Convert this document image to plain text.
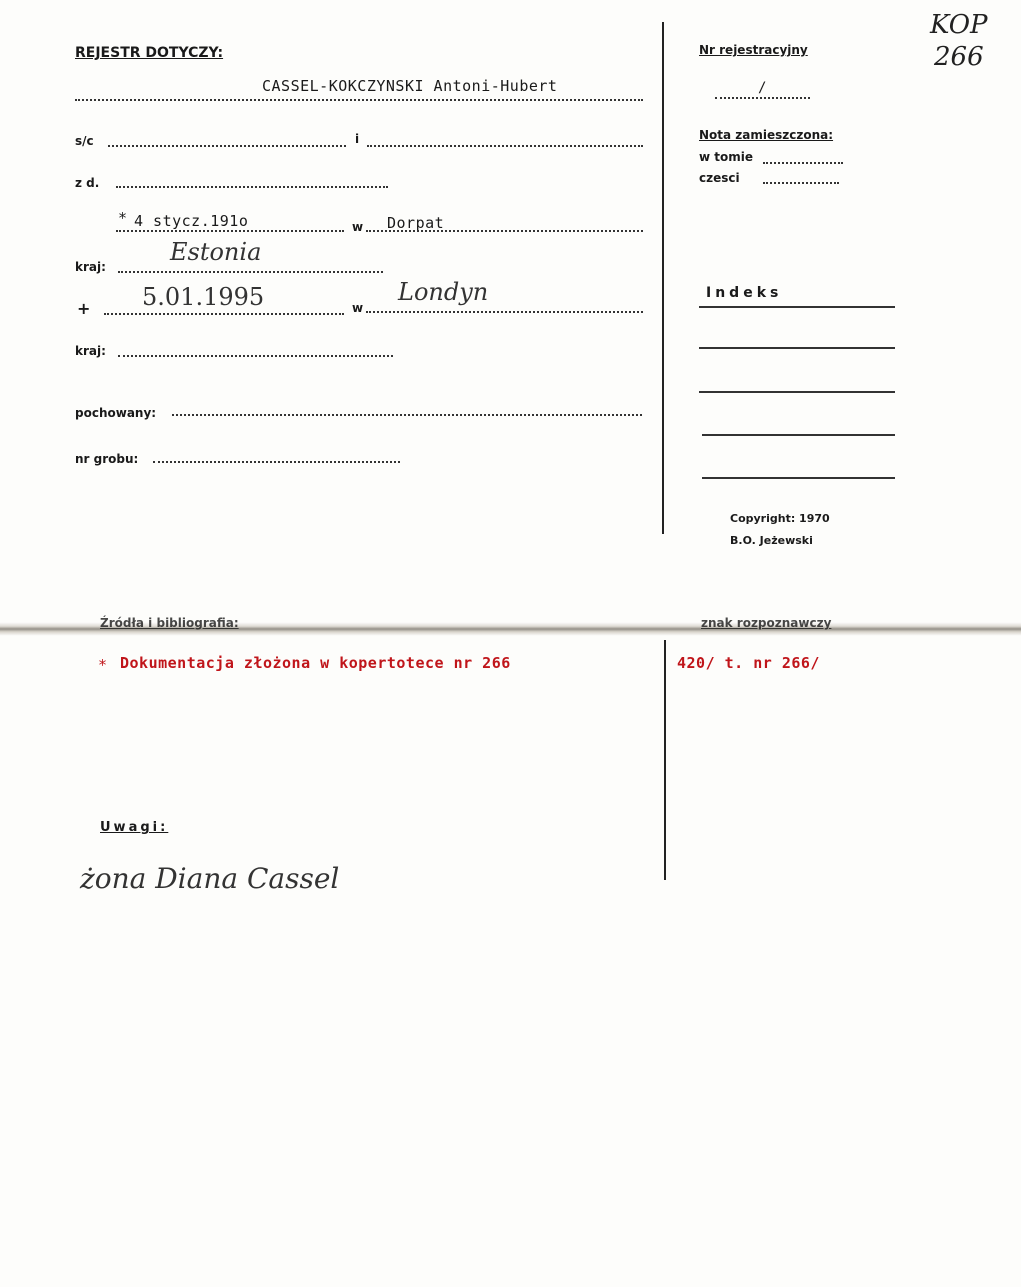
REJESTR DOTYCZY:
CASSEL-KOKCZYNSKI Antoni-Hubert
s/c	i
z d.
* 4 stycz.191o	w Dorpat
kraj:
Estonia
+ 5.01.1995	w
Londyn
kraj:
pochowany:
nr grobu:
Nr rejestracyjny
/
Nota zamieszczona:
w tomie
czesci
Indeks
Copyright: 1970
B.O. Jeżewski
KOP
266
Źródła i bibliografia:
* Dokumentacja złożona w kopertotece nr 266
znak rozpoznawczy
420/ t. nr 266/
Uwagi:
żona Diana Cassel
